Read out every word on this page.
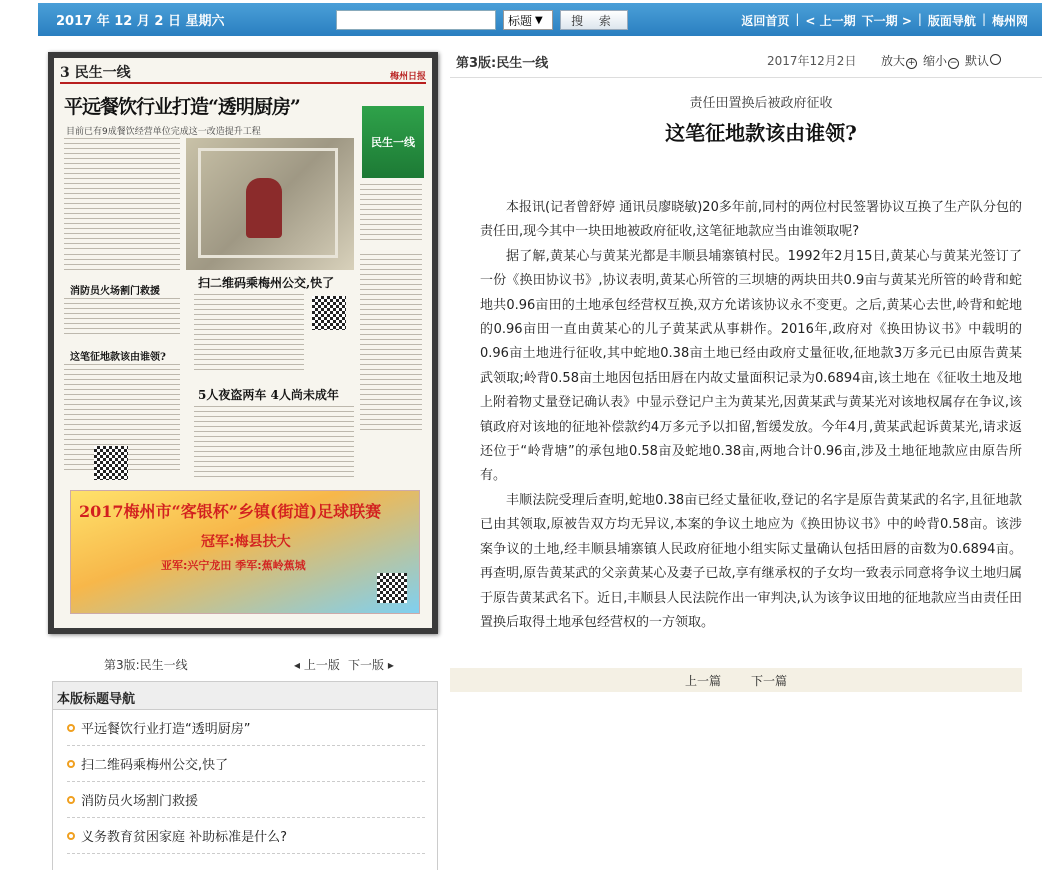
2017 年 12 月 2 日 星期六	标题 ▼	搜 索	返回首页 | < 上一期 下一期 > | 版面导航 | 梅州网
3 民生一线	梅州日报
平远餐饮行业打造“透明厨房”
目前已有9成餐饮经营单位完成这一改造提升工程
民生一线
扫二维码乘梅州公交,快了
消防员火场割门救援
这笔征地款该由谁领?
5人夜盗两车 4人尚未成年
2017梅州市“客银杯”乡镇(街道)足球联赛
冠军:梅县扶大
亚军:兴宁龙田 季军:蕉岭蕉城
第3版:民生一线	◂ 上一版 下一版 ▸
本版标题导航
平远餐饮行业打造“透明厨房”
扫二维码乘梅州公交,快了
消防员火场割门救援
义务教育贫困家庭 补助标准是什么?
第3版:民生一线	2017年12月2日 放大 + 缩小 − 默认
责任田置换后被政府征收
这笔征地款该由谁领?

本报讯(记者曾舒婷 通讯员廖晓敏)20多年前,同村的两位村民签署协议互换了生产队分包的责任田,现今其中一块田地被政府征收,这笔征地款应当由谁领取呢?

据了解,黄某心与黄某光都是丰顺县埔寨镇村民。1992年2月15日,黄某心与黄某光签订了一份《换田协议书》,协议表明,黄某心所管的三坝塘的两块田共0.9亩与黄某光所管的岭背和蛇地共0.96亩田的土地承包经营权互换,双方允诺该协议永不变更。之后,黄某心去世,岭背和蛇地的0.96亩田一直由黄某心的儿子黄某武从事耕作。2016年,政府对《换田协议书》中载明的0.96亩土地进行征收,其中蛇地0.38亩土地已经由政府丈量征收,征地款3万多元已由原告黄某武领取;岭背0.58亩土地因包括田唇在内故丈量面积记录为0.6894亩,该土地在《征收土地及地上附着物丈量登记确认表》中显示登记户主为黄某光,因黄某武与黄某光对该地权属存在争议,该镇政府对该地的征地补偿款约4万多元予以扣留,暂缓发放。今年4月,黄某武起诉黄某光,请求返还位于“岭背塘”的承包地0.58亩及蛇地0.38亩,两地合计0.96亩,涉及土地征地款应由原告所有。

丰顺法院受理后查明,蛇地0.38亩已经丈量征收,登记的名字是原告黄某武的名字,且征地款已由其领取,原被告双方均无异议,本案的争议土地应为《换田协议书》中的岭背0.58亩。该涉案争议的土地,经丰顺县埔寨镇人民政府征地小组实际丈量确认包括田唇的亩数为0.6894亩。再查明,原告黄某武的父亲黄某心及妻子已故,享有继承权的子女均一致表示同意将争议土地归属于原告黄某武名下。近日,丰顺县人民法院作出一审判决,认为该争议田地的征地款应当由责任田置换后取得土地承包经营权的一方领取。

上一篇	下一篇
